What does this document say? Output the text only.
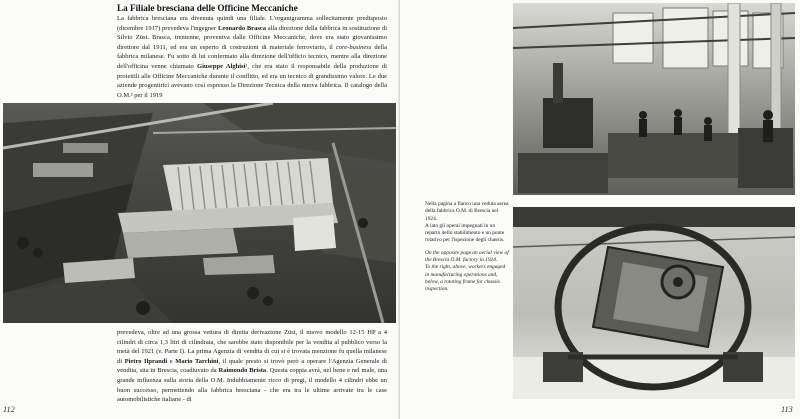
La Filiale bresciana delle Officine Meccaniche
La fabbrica bresciana era divenuta quindi una filiale. L'organigramma sollecitamente predisposto (dicembre 1917) prevedeva l'ingegner Leonardo Brasca alla direzione della fabbrica in sostituzione di Silvio Züst. Brasca, trentenne, proveniva dalle Officine Meccaniche, dove era stato giovanissimo direttore dal 1911, ed era un esperto di costruzioni di materiale ferroviario, il core-business della fabbrica milanese. Fu sotto di lui confermato alla direzione dell'ufficio tecnico, mentre alla direzione dell'officina venne chiamato Giuseppe Alghisi¹, che era stato il responsabile della produzione di proiettili alle Officine Meccaniche durante il conflitto, ed era un tecnico di grandissimo valore. Le due aziende progenitrici avevano così espresso la Direzione Tecnica della nuova fabbrica. Il catalogo della O.M.² per il 1919
prevedeva, oltre ad una grossa vettura di diretta derivazione Züst, il nuovo modello 12-15 HP a 4 cilindri di circa 1,3 litri di cilindrata, che sarebbe stato disponibile per la vendita al pubblico verso la metà del 1921 (v. Parte I). La prima Agenzia di vendita di cui si è trovata menzione fu quella milanese di Pietro Ilprandi e Mario Tarchini, il quale presto si trovò però a operare l'Agenzia Generale di vendita, sita in Brescia, coadiuvato da Raimondo Brista. Questa coppia avrà, nel bene e nel male, una grande influenza sulla storia della O.M. Indubbiamente ricco di pregi, il modello 4 cilindri ebbe un buon successo, permettendo alla fabbrica bresciana - che era tra le ultime arrivate tra le case automobilistiche italiane - di
112
Nella pagina a fianco una veduta aerea della fabbrica O.M. di Brescia nel 1924.
A lato gli operai impegnati in un reparto dello stabilimento e un ponte rotativo per l'ispezione degli chassis.
On the opposite page an aerial view of the Brescia O.M. factory in 1924.
To the right, above, workers engaged in manufacturing operations and, below, a rotating frame for chassis inspection.
113
